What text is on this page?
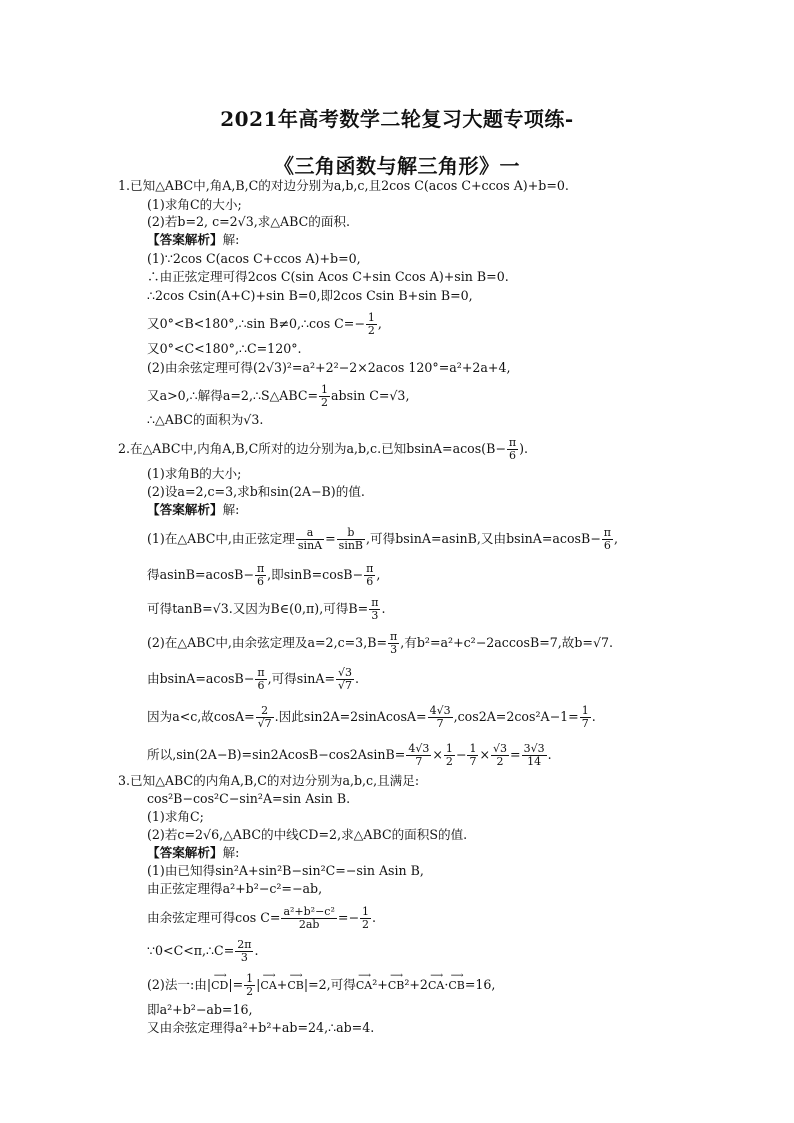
2021年高考数学二轮复习大题专项练-
《三角函数与解三角形》一
1.已知△ABC中,角A,B,C的对边分别为a,b,c,且2cos C(acos C+ccos A)+b=0.
(1)求角C的大小;
(2)若b=2, c=2√3,求△ABC的面积.
【答案解析】解:
(1)∵2cos C(acos C+ccos A)+b=0,
∴由正弦定理可得2cos C(sin Acos C+sin Ccos A)+sin B=0.
∴2cos Csin(A+C)+sin B=0,即2cos Csin B+sin B=0,
又0°<B<180°,∴sin B≠0,∴cos $C=- \frac{1}{2}$ ,
又0°<C<180°,∴C=120°.
(2)由余弦定理可得(2√3)²=a²+2²−2×2acos 120°=a²+2a+4,
又a>0,∴解得a=2,∴S△ABC= $\frac{1}{2}$ absin C=√3,
∴△ABC的面积为√3.
2.在△ABC中,内角A,B,C所对的边分别为a,b,c.已知$bsinA=acos(B- \frac{\pi}{6}$ ).
(1)求角B的大小;
(2)设a=2,c=3,求b和sin(2A−B)的值.
【答案解析】解:
(1)在△ABC中,由正弦定理 $\frac{a}{\sin A} = \frac{b}{\sin B}$ ,可得bsinA=asinB,又由$bsinA=acosB- \frac{\pi}{6}$ ,
得$asinB=acosB- \frac{\pi}{6}$ ,即$\sin B=\cos B- \frac{\pi}{6}$ ,
可得tanB=√3.又因为B∈(0,π),可得$B= \frac{\pi}{3}$ .
(2)在△ABC中,由余弦定理及$a=2,c=3,B= \frac{\pi}{3}$ ,有b²=a²+c²−2accosB=7,故b=√7.
由$bsinA=acosB- \frac{\pi}{6}$ ,可得$\sin A= \frac{√3}{√7}$ .
因为a<c,故$\cos A= \frac{2}{√7}$ .因此sin2A=2sinAcosA= $\frac{4√3}{7} ,\cos 2A=2\cos^2A-1= \frac{1}{7}$ .
所以$,\sin(2A-B)=\sin 2AcosB-\cos 2AsinB= \frac{4√3}{7} \times \frac{1}{2} - \frac{1}{7} \times \frac{√3}{2} = \frac{3√3}{14}$ .
3.已知△ABC的内角A,B,C的对边分别为a,b,c,且满足:
cos²B−cos²C−sin²A=sin Asin B.
(1)求角C;
(2)若c=2√6,△ABC的中线CD=2,求△ABC的面积S的值.
【答案解析】解:
(1)由已知得sin²A+sin²B−sin²C=−sin Asin B,
由正弦定理得a²+b²−c²=−ab,
由余弦定理可得$\cos C= \frac{\text{a²+b²−c²}}{2ab} =- \frac{1}{2}$ .
∵0<C<π,∴C= $\frac{2\pi}{3}$ .
(2)法一:由|
⟶
$CD|= \frac{1}{2}$ |
⟶
CA+
⟶
CB|=2,可得
⟶
CA²+
⟶
CB²+2
⟶
CA·
⟶
CB=16,
即a²+b²−ab=16,
又由余弦定理得a²+b²+ab=24,∴ab=4.
